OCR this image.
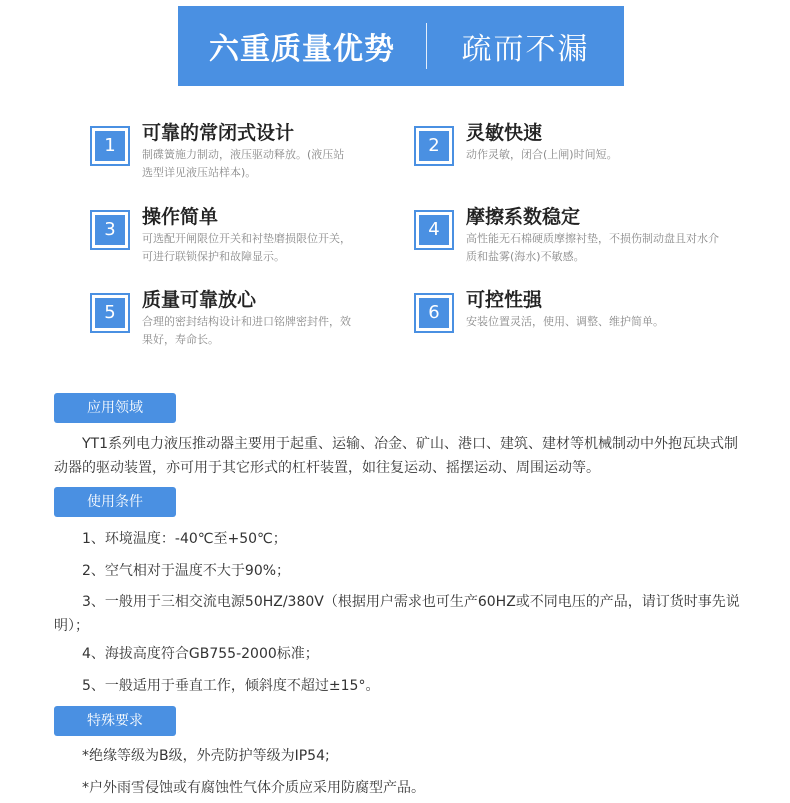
六重质量优势	疏而不漏
1
可靠的常闭式设计
制碟簧施力制动，液压驱动释放。(液压站选型详见液压站样本)。
2
灵敏快速
动作灵敏，闭合(上闸)时间短。
3
操作简单
可选配开闸限位开关和衬垫磨损限位开关，可进行联锁保护和故障显示。
4
摩擦系数稳定
高性能无石棉硬质摩擦衬垫，不损伤制动盘且对水介质和盐雾(海水)不敏感。
5
质量可靠放心
合理的密封结构设计和进口铭牌密封件，效果好，寿命长。
6
可控性强
安装位置灵活，使用、调整、维护简单。
应用领域
YT1系列电力液压推动器主要用于起重、运输、冶金、矿山、港口、建筑、建材等机械制动中外抱瓦块式制动器的驱动装置，亦可用于其它形式的杠杆装置，如往复运动、摇摆运动、周围运动等。
使用条件
1、环境温度：-40℃至+50℃；
2、空气相对于温度不大于90%；
3、一般用于三相交流电源50HZ/380V（根据用户需求也可生产60HZ或不同电压的产品，请订货时事先说明）；
4、海拔高度符合GB755-2000标准；
5、一般适用于垂直工作，倾斜度不超过±15°。
特殊要求
*绝缘等级为B级，外壳防护等级为IP54;
*户外雨雪侵蚀或有腐蚀性气体介质应采用防腐型产品。
